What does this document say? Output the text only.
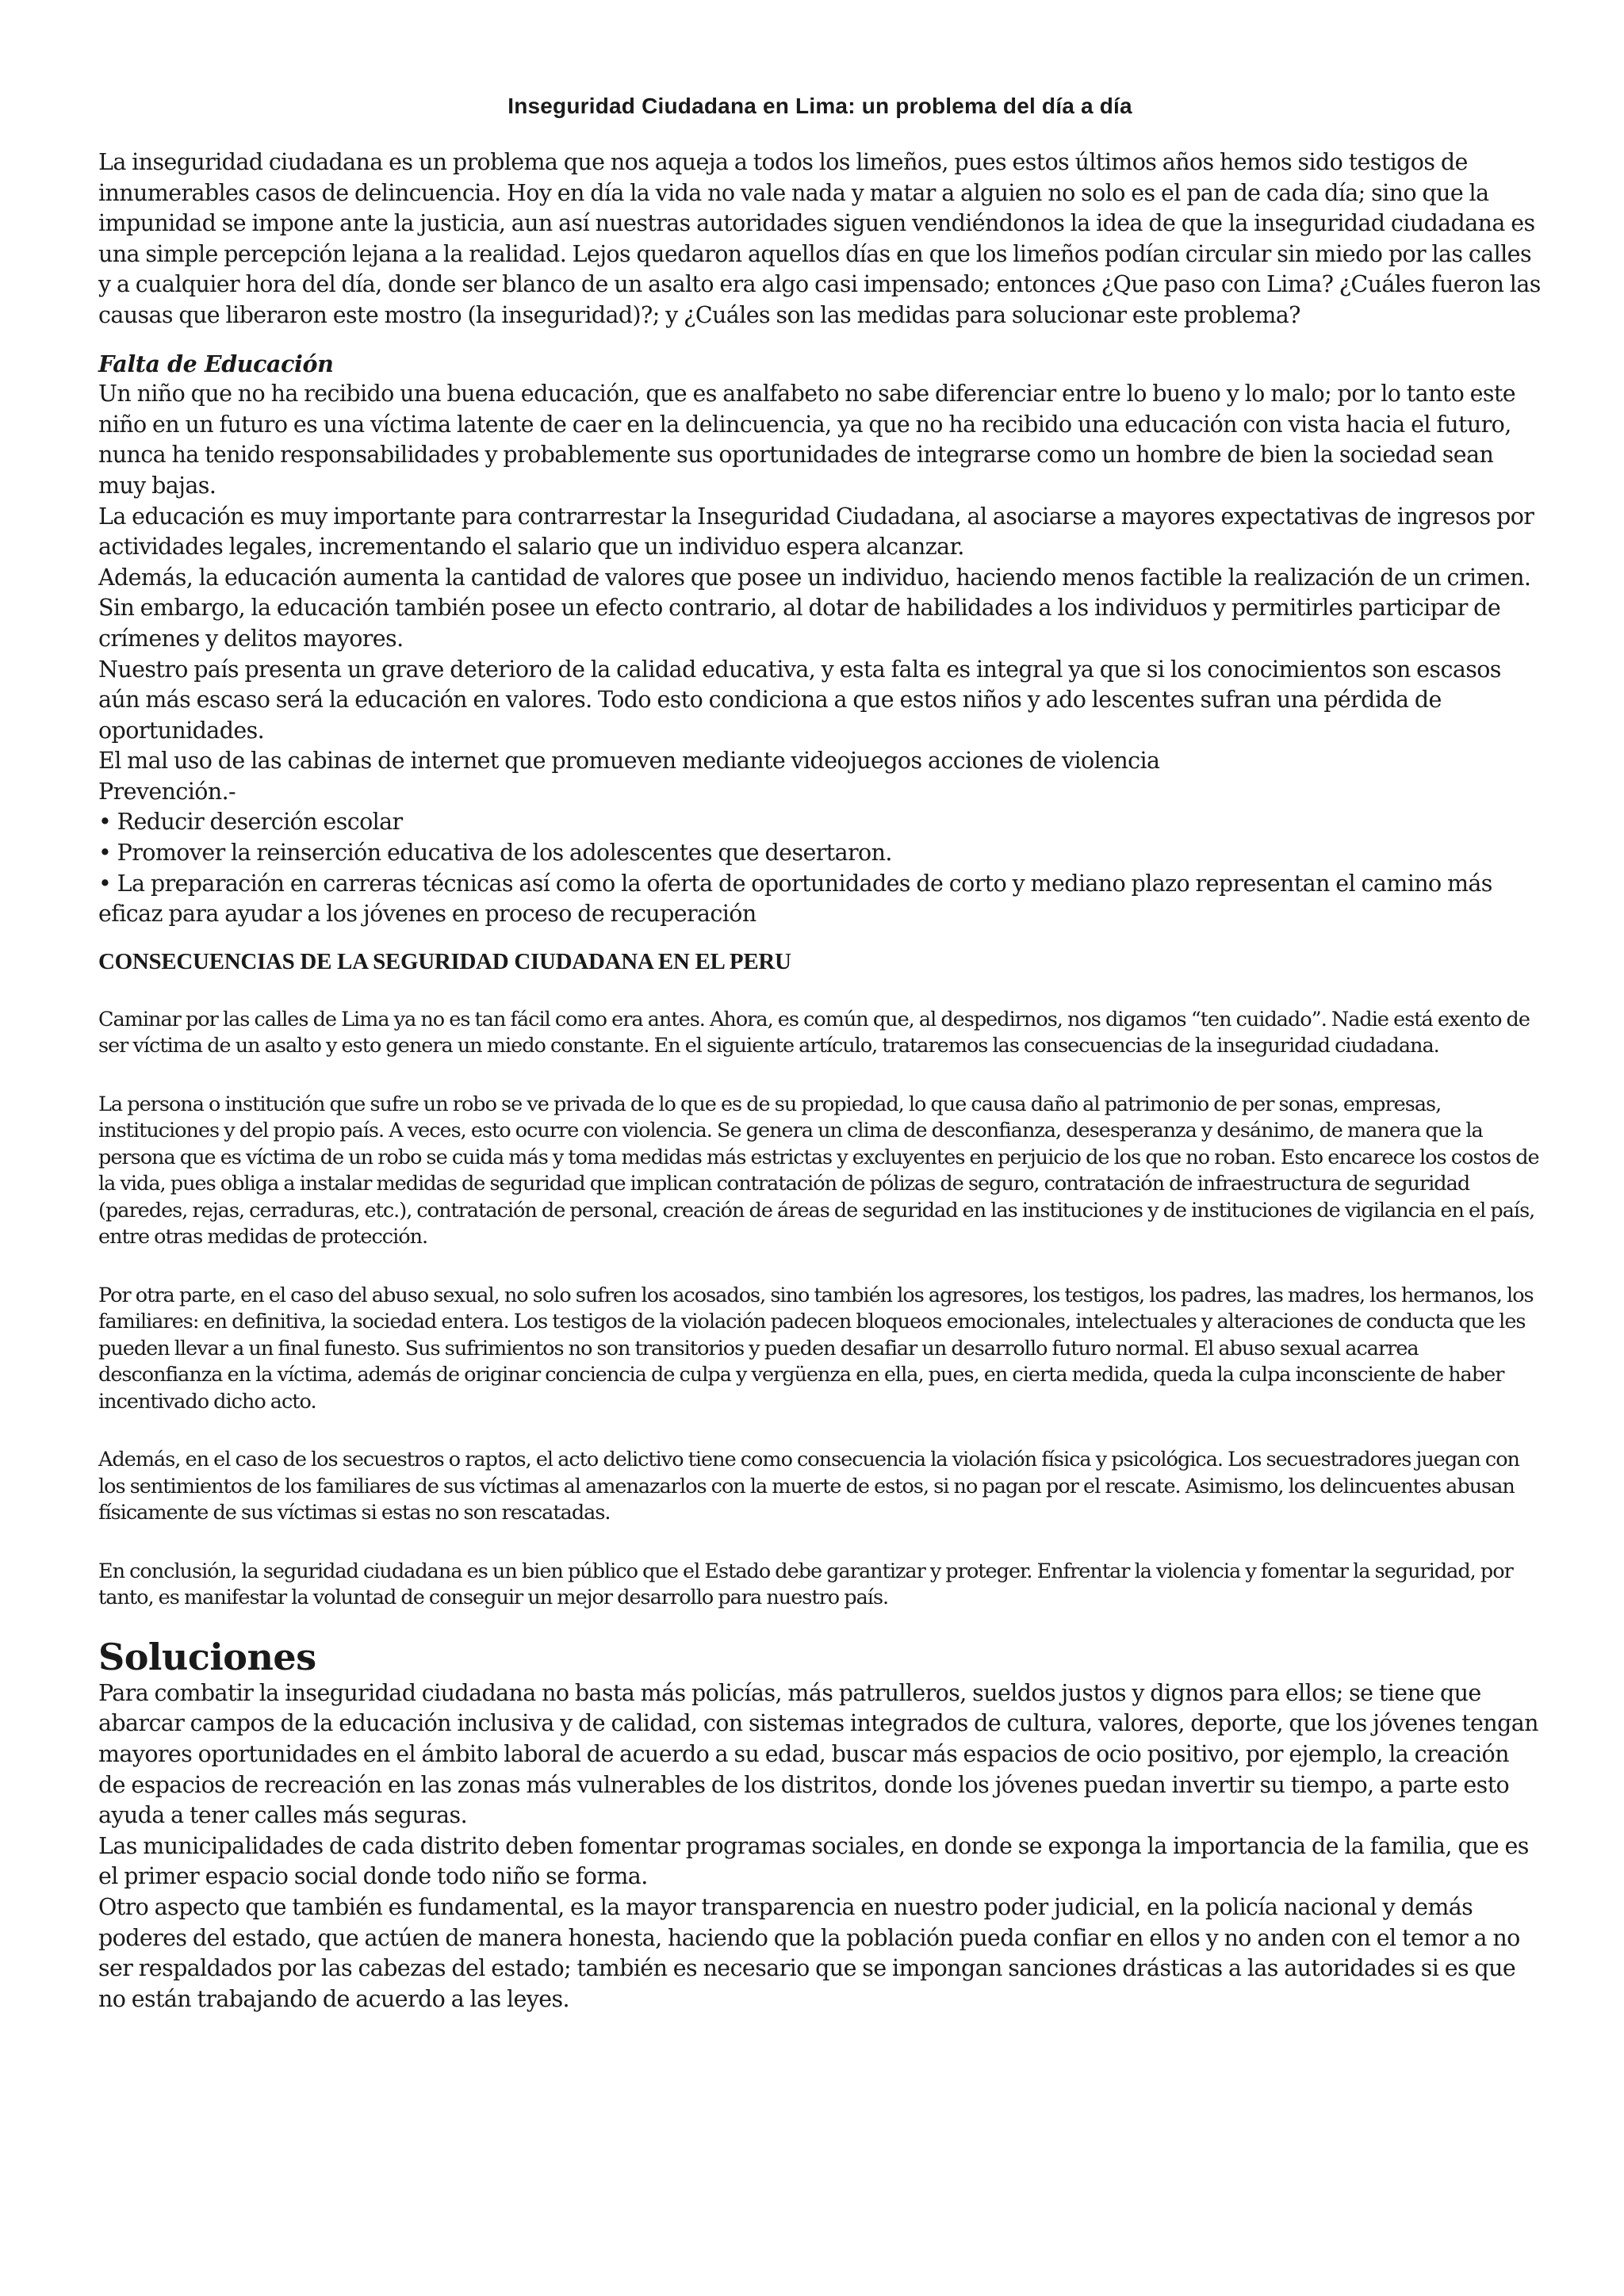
Inseguridad Ciudadana en Lima: un problema del día a día

La inseguridad ciudadana es un problema que nos aqueja a todos los limeños, pues estos últimos años hemos sido testigos de innumerables casos de delincuencia. Hoy en día la vida no vale nada y matar a alguien no solo es el pan de cada día; sino que la impunidad se impone ante la justicia, aun así nuestras autoridades siguen vendiéndonos la idea de que la inseguridad ciudadana es una simple percepción lejana a la realidad. Lejos quedaron aquellos días en que los limeños podían circular sin miedo por las calles y a cualquier hora del día, donde ser blanco de un asalto era algo casi impensado; entonces ¿Que paso con Lima? ¿Cuáles fueron las causas que liberaron este mostro (la inseguridad)?; y ¿Cuáles son las medidas para solucionar este problema?

Falta de Educación

Un niño que no ha recibido una buena educación, que es analfabeto no sabe diferenciar entre lo bueno y lo malo; por lo tanto este niño en un futuro es una víctima latente de caer en la delincuencia, ya que no ha recibido una educación con vista hacia el futuro, nunca ha tenido responsabilidades y probablemente sus oportunidades de integrarse como un hombre de bien la sociedad sean muy bajas.

La educación es muy importante para contrarrestar la Inseguridad Ciudadana, al asociarse a mayores expectativas de ingresos por actividades legales, incrementando el salario que un individuo espera alcanzar.

Además, la educación aumenta la cantidad de valores que posee un individuo, haciendo menos factible la realización de un crimen.

Sin embargo, la educación también posee un efecto contrario, al dotar de habilidades a los individuos y permitirles participar de crímenes y delitos mayores.

Nuestro país presenta un grave deterioro de la calidad educativa, y esta falta es integral ya que si los conocimientos son escasos aún más escaso será la educación en valores. Todo esto condiciona a que estos niños y ado lescentes sufran una pérdida de oportunidades.

El mal uso de las cabinas de internet que promueven mediante videojuegos acciones de violencia

Prevención.-

• Reducir deserción escolar
• Promover la reinserción educativa de los adolescentes que desertaron.
• La preparación en carreras técnicas así como la oferta de oportunidades de corto y mediano plazo representan el camino más eficaz para ayudar a los jóvenes en proceso de recuperación
CONSECUENCIAS DE LA SEGURIDAD CIUDADANA EN EL PERU

Caminar por las calles de Lima ya no es tan fácil como era antes. Ahora, es común que, al despedirnos, nos digamos “ten cuidado”. Nadie está exento de ser víctima de un asalto y esto genera un miedo constante. En el siguiente artículo, trataremos las consecuencias de la inseguridad ciudadana.

La persona o institución que sufre un robo se ve privada de lo que es de su propiedad, lo que causa daño al patrimonio de per sonas, empresas, instituciones y del propio país. A veces, esto ocurre con violencia. Se genera un clima de desconfianza, desesperanza y desánimo, de manera que la persona que es víctima de un robo se cuida más y toma medidas más estrictas y excluyentes en perjuicio de los que no roban. Esto encarece los costos de la vida, pues obliga a instalar medidas de seguridad que implican contratación de pólizas de seguro, contratación de infraestructura de seguridad (paredes, rejas, cerraduras, etc.), contratación de personal, creación de áreas de seguridad en las instituciones y de instituciones de vigilancia en el país, entre otras medidas de protección.

Por otra parte, en el caso del abuso sexual, no solo sufren los acosados, sino también los agresores, los testigos, los padres, las madres, los hermanos, los familiares: en definitiva, la sociedad entera. Los testigos de la violación padecen bloqueos emocionales, intelectuales y alteraciones de conducta que les pueden llevar a un final funesto. Sus sufrimientos no son transitorios y pueden desafiar un desarrollo futuro normal. El abuso sexual acarrea desconfianza en la víctima, además de originar conciencia de culpa y vergüenza en ella, pues, en cierta medida, queda la culpa inconsciente de haber incentivado dicho acto.

Además, en el caso de los secuestros o raptos, el acto delictivo tiene como consecuencia la violación física y psicológica. Los secuestradores juegan con los sentimientos de los familiares de sus víctimas al amenazarlos con la muerte de estos, si no pagan por el rescate. Asimismo, los delincuentes abusan físicamente de sus víctimas si estas no son rescatadas.

En conclusión, la seguridad ciudadana es un bien público que el Estado debe garantizar y proteger. Enfrentar la violencia y fomentar la seguridad, por tanto, es manifestar la voluntad de conseguir un mejor desarrollo para nuestro país.

Soluciones

Para combatir la inseguridad ciudadana no basta más policías, más patrulleros, sueldos justos y dignos para ellos; se tiene que abarcar campos de la educación inclusiva y de calidad, con sistemas integrados de cultura, valores, deporte, que los jóvenes tengan mayores oportunidades en el ámbito laboral de acuerdo a su edad, buscar más espacios de ocio positivo, por ejemplo, la creación de espacios de recreación en las zonas más vulnerables de los distritos, donde los jóvenes puedan invertir su tiempo, a parte esto ayuda a tener calles más seguras.

Las municipalidades de cada distrito deben fomentar programas sociales, en donde se exponga la importancia de la familia, que es el primer espacio social donde todo niño se forma.

Otro aspecto que también es fundamental, es la mayor transparencia en nuestro poder judicial, en la policía nacional y demás poderes del estado, que actúen de manera honesta, haciendo que la población pueda confiar en ellos y no anden con el temor a no ser respaldados por las cabezas del estado; también es necesario que se impongan sanciones drásticas a las autoridades si es que no están trabajando de acuerdo a las leyes.
